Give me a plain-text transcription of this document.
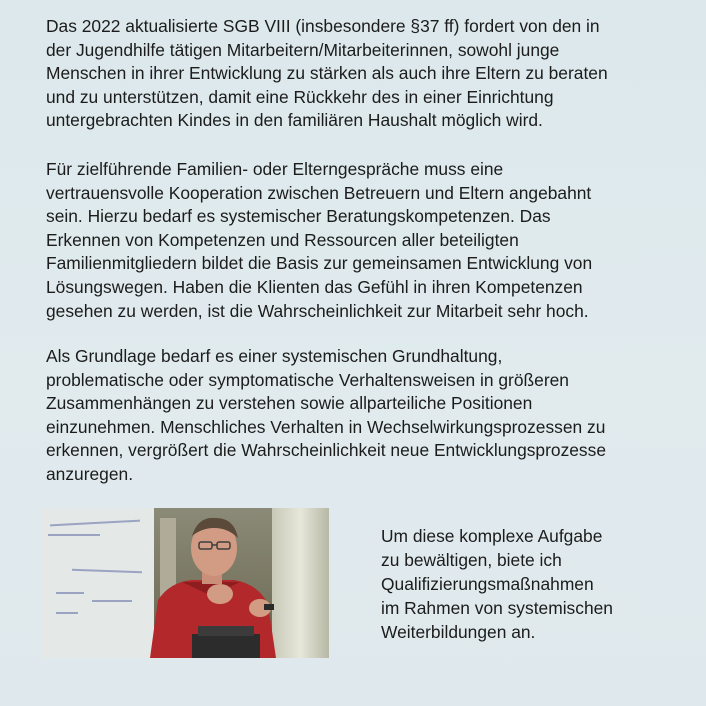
Das 2022 aktualisierte SGB VIII (insbesondere §37 ff) fordert von den in
der Jugendhilfe tätigen Mitarbeitern/Mitarbeiterinnen, sowohl junge
Menschen in ihrer Entwicklung zu stärken als auch ihre Eltern zu beraten
und zu unterstützen, damit eine Rückkehr des in einer Einrichtung
untergebrachten Kindes in den familiären Haushalt möglich wird.
Für zielführende Familien- oder Elterngespräche muss eine
vertrauensvolle Kooperation zwischen Betreuern und Eltern angebahnt
sein. Hierzu bedarf es systemischer Beratungskompetenzen. Das
Erkennen von Kompetenzen und Ressourcen aller beteiligten
Familienmitgliedern bildet die Basis zur gemeinsamen Entwicklung von
Lösungswegen. Haben die Klienten das Gefühl in ihren Kompetenzen
gesehen zu werden, ist die Wahrscheinlichkeit zur Mitarbeit sehr hoch.
Als Grundlage bedarf es einer systemischen Grundhaltung,
problematische oder symptomatische Verhaltensweisen in größeren
Zusammenhängen zu verstehen sowie allparteiliche Positionen
einzunehmen. Menschliches Verhalten in Wechselwirkungsprozessen zu
erkennen, vergrößert die Wahrscheinlichkeit neue Entwicklungsprozesse
anzuregen.
Um diese komplexe Aufgabe
zu bewältigen, biete ich
Qualifizierungsmaßnahmen
im Rahmen von systemischen
Weiterbildungen an.
